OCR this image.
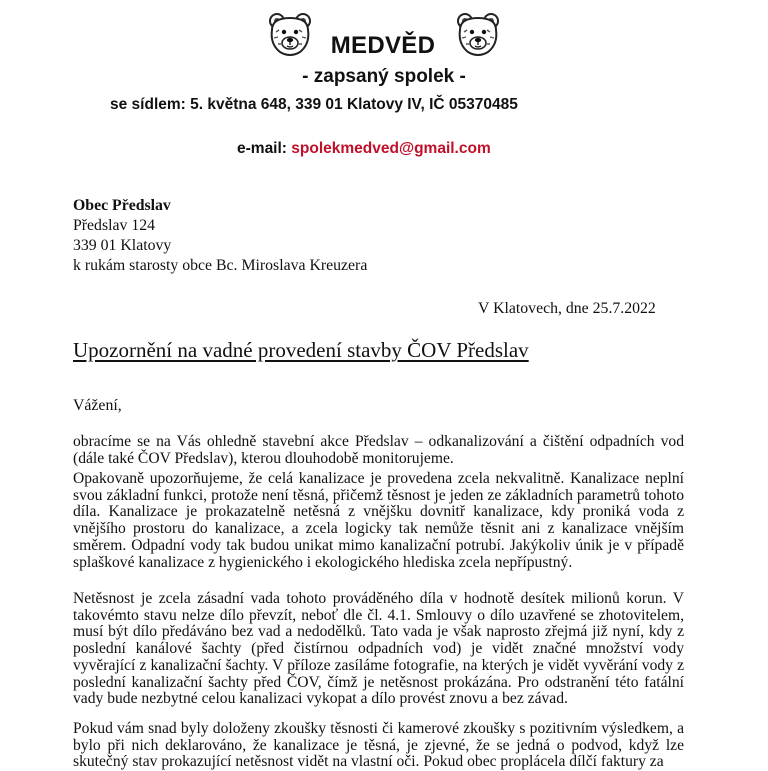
MEDVĚD
- zapsaný spolek -
se sídlem: 5. května 648, 339 01 Klatovy IV, IČ 05370485
e-mail: spolekmedved@gmail.com
Obec Předslav
Předslav 124
339 01 Klatovy
k rukám starosty obce Bc. Miroslava Kreuzera
V Klatovech, dne 25.7.2022
Upozornění na vadné provedení stavby ČOV Předslav
Vážení,

obracíme se na Vás ohledně stavební akce Předslav – odkanalizování a čištění odpadních vod (dále také ČOV Předslav), kterou dlouhodobě monitorujeme.

Opakovaně upozorňujeme, že celá kanalizace je provedena zcela nekvalitně. Kanalizace neplní svou základní funkci, protože není těsná, přičemž těsnost je jeden ze základních parametrů tohoto díla. Kanalizace je prokazatelně netěsná z vnějšku dovnitř kanalizace, kdy proniká voda z vnějšího prostoru do kanalizace, a zcela logicky tak nemůže těsnit ani z kanalizace vnějším směrem. Odpadní vody tak budou unikat mimo kanalizační potrubí. Jakýkoliv únik je v případě splaškové kanalizace z hygienického i ekologického hlediska zcela nepřípustný.

Netěsnost je zcela zásadní vada tohoto prováděného díla v hodnotě desítek milionů korun. V takovémto stavu nelze dílo převzít, neboť dle čl. 4.1. Smlouvy o dílo uzavřené se zhotovitelem, musí být dílo předáváno bez vad a nedodělků. Tato vada je však naprosto zřejmá již nyní, kdy z poslední kanálové šachty (před čistírnou odpadních vod) je vidět značné množství vody vyvěrající z kanalizační šachty. V příloze zasíláme fotografie, na kterých je vidět vyvěrání vody z poslední kanalizační šachty před ČOV, čímž je netěsnost prokázána. Pro odstranění této fatální vady bude nezbytné celou kanalizaci vykopat a dílo provést znovu a bez závad.

Pokud vám snad byly doloženy zkoušky těsnosti či kamerové zkoušky s pozitivním výsledkem, a bylo při nich deklarováno, že kanalizace je těsná, je zjevné, že se jedná o podvod, když lze skutečný stav prokazující netěsnost vidět na vlastní oči. Pokud obec proplácela dílčí faktury za
